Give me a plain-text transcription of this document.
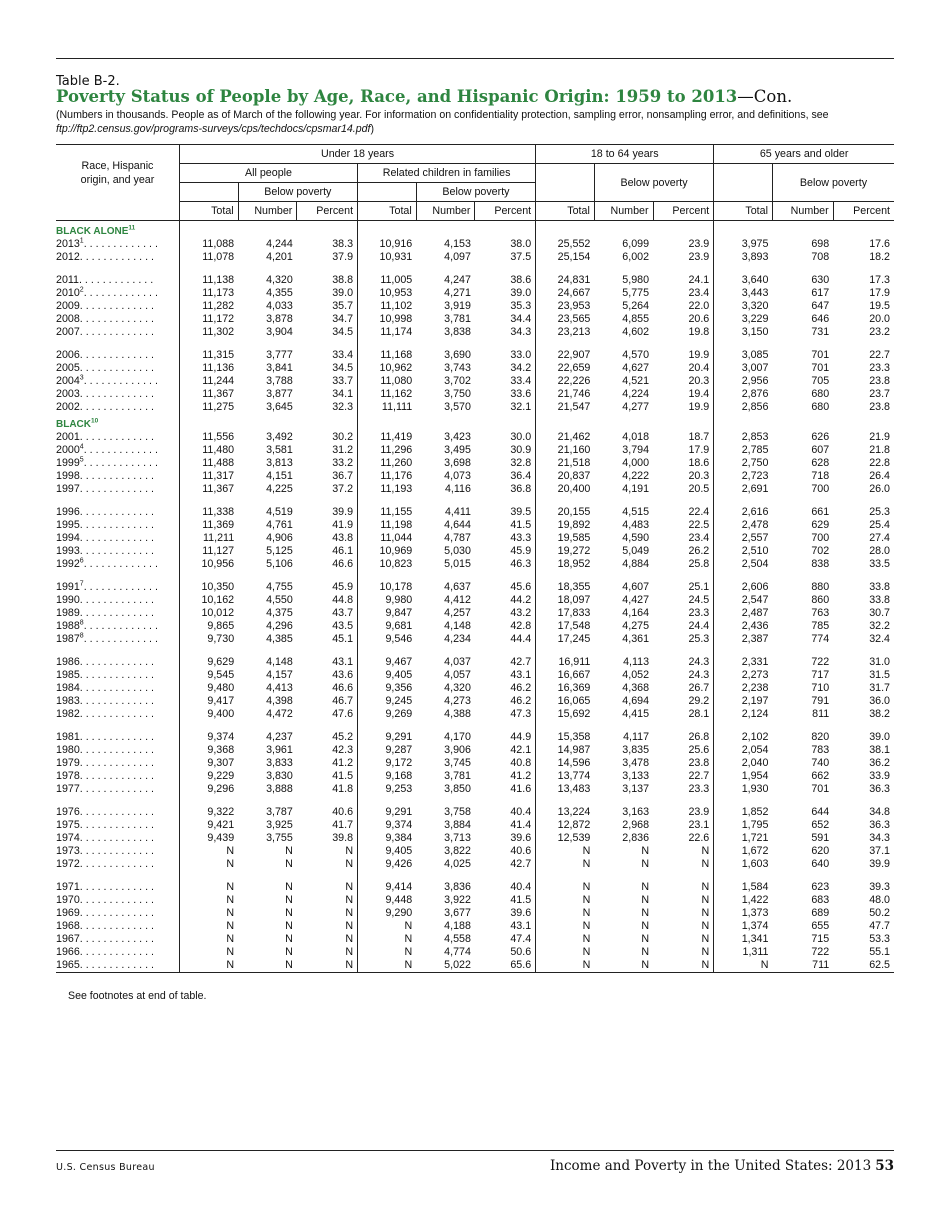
Table B-2.
Poverty Status of People by Age, Race, and Hispanic Origin: 1959 to 2013—Con.
(Numbers in thousands. People as of March of the following year. For information on confidentiality protection, sampling error, nonsampling error, and definitions, see ftp://ftp2.census.gov/programs-surveys/cps/techdocs/cpsmar14.pdf)
Race, Hispanic origin, and year	Under 18 years						18 to 64 years			65 years and older		
	All people			Related children in families				Below poverty			Below poverty	
		Below poverty			Below poverty							
	Total	Number	Percent	Total	Number	Percent	Total	Number	Percent	Total	Number	Percent
BLACK ALONE$^{11}$												
2013$^1$. . . . . . . . . . . . .	11,088	4,244	38.3	10,916	4,153	38.0	25,552	6,099	23.9	3,975	698	17.6
2012. . . . . . . . . . . . .	11,078	4,201	37.9	10,931	4,097	37.5	25,154	6,002	23.9	3,893	708	18.2

2011. . . . . . . . . . . . .	11,138	4,320	38.8	11,005	4,247	38.6	24,831	5,980	24.1	3,640	630	17.3
2010$^2$. . . . . . . . . . . . .	11,173	4,355	39.0	10,953	4,271	39.0	24,667	5,775	23.4	3,443	617	17.9
2009. . . . . . . . . . . . .	11,282	4,033	35.7	11,102	3,919	35.3	23,953	5,264	22.0	3,320	647	19.5
2008. . . . . . . . . . . . .	11,172	3,878	34.7	10,998	3,781	34.4	23,565	4,855	20.6	3,229	646	20.0
2007. . . . . . . . . . . . .	11,302	3,904	34.5	11,174	3,838	34.3	23,213	4,602	19.8	3,150	731	23.2

2006. . . . . . . . . . . . .	11,315	3,777	33.4	11,168	3,690	33.0	22,907	4,570	19.9	3,085	701	22.7
2005. . . . . . . . . . . . .	11,136	3,841	34.5	10,962	3,743	34.2	22,659	4,627	20.4	3,007	701	23.3
2004$^3$. . . . . . . . . . . . .	11,244	3,788	33.7	11,080	3,702	33.4	22,226	4,521	20.3	2,956	705	23.8
2003. . . . . . . . . . . . .	11,367	3,877	34.1	11,162	3,750	33.6	21,746	4,224	19.4	2,876	680	23.7
2002. . . . . . . . . . . . .	11,275	3,645	32.3	11,111	3,570	32.1	21,547	4,277	19.9	2,856	680	23.8
BLACK$^{10}$												
2001. . . . . . . . . . . . .	11,556	3,492	30.2	11,419	3,423	30.0	21,462	4,018	18.7	2,853	626	21.9
2000$^4$. . . . . . . . . . . . .	11,480	3,581	31.2	11,296	3,495	30.9	21,160	3,794	17.9	2,785	607	21.8
1999$^5$. . . . . . . . . . . . .	11,488	3,813	33.2	11,260	3,698	32.8	21,518	4,000	18.6	2,750	628	22.8
1998. . . . . . . . . . . . .	11,317	4,151	36.7	11,176	4,073	36.4	20,837	4,222	20.3	2,723	718	26.4
1997. . . . . . . . . . . . .	11,367	4,225	37.2	11,193	4,116	36.8	20,400	4,191	20.5	2,691	700	26.0

1996. . . . . . . . . . . . .	11,338	4,519	39.9	11,155	4,411	39.5	20,155	4,515	22.4	2,616	661	25.3
1995. . . . . . . . . . . . .	11,369	4,761	41.9	11,198	4,644	41.5	19,892	4,483	22.5	2,478	629	25.4
1994. . . . . . . . . . . . .	11,211	4,906	43.8	11,044	4,787	43.3	19,585	4,590	23.4	2,557	700	27.4
1993. . . . . . . . . . . . .	11,127	5,125	46.1	10,969	5,030	45.9	19,272	5,049	26.2	2,510	702	28.0
1992$^6$. . . . . . . . . . . . .	10,956	5,106	46.6	10,823	5,015	46.3	18,952	4,884	25.8	2,504	838	33.5

1991$^7$. . . . . . . . . . . . .	10,350	4,755	45.9	10,178	4,637	45.6	18,355	4,607	25.1	2,606	880	33.8
1990. . . . . . . . . . . . .	10,162	4,550	44.8	9,980	4,412	44.2	18,097	4,427	24.5	2,547	860	33.8
1989. . . . . . . . . . . . .	10,012	4,375	43.7	9,847	4,257	43.2	17,833	4,164	23.3	2,487	763	30.7
1988$^8$. . . . . . . . . . . . .	9,865	4,296	43.5	9,681	4,148	42.8	17,548	4,275	24.4	2,436	785	32.2
1987$^8$. . . . . . . . . . . . .	9,730	4,385	45.1	9,546	4,234	44.4	17,245	4,361	25.3	2,387	774	32.4

1986. . . . . . . . . . . . .	9,629	4,148	43.1	9,467	4,037	42.7	16,911	4,113	24.3	2,331	722	31.0
1985. . . . . . . . . . . . .	9,545	4,157	43.6	9,405	4,057	43.1	16,667	4,052	24.3	2,273	717	31.5
1984. . . . . . . . . . . . .	9,480	4,413	46.6	9,356	4,320	46.2	16,369	4,368	26.7	2,238	710	31.7
1983. . . . . . . . . . . . .	9,417	4,398	46.7	9,245	4,273	46.2	16,065	4,694	29.2	2,197	791	36.0
1982. . . . . . . . . . . . .	9,400	4,472	47.6	9,269	4,388	47.3	15,692	4,415	28.1	2,124	811	38.2

1981. . . . . . . . . . . . .	9,374	4,237	45.2	9,291	4,170	44.9	15,358	4,117	26.8	2,102	820	39.0
1980. . . . . . . . . . . . .	9,368	3,961	42.3	9,287	3,906	42.1	14,987	3,835	25.6	2,054	783	38.1
1979. . . . . . . . . . . . .	9,307	3,833	41.2	9,172	3,745	40.8	14,596	3,478	23.8	2,040	740	36.2
1978. . . . . . . . . . . . .	9,229	3,830	41.5	9,168	3,781	41.2	13,774	3,133	22.7	1,954	662	33.9
1977. . . . . . . . . . . . .	9,296	3,888	41.8	9,253	3,850	41.6	13,483	3,137	23.3	1,930	701	36.3

1976. . . . . . . . . . . . .	9,322	3,787	40.6	9,291	3,758	40.4	13,224	3,163	23.9	1,852	644	34.8
1975. . . . . . . . . . . . .	9,421	3,925	41.7	9,374	3,884	41.4	12,872	2,968	23.1	1,795	652	36.3
1974. . . . . . . . . . . . .	9,439	3,755	39.8	9,384	3,713	39.6	12,539	2,836	22.6	1,721	591	34.3
1973. . . . . . . . . . . . .	N	N	N	9,405	3,822	40.6	N	N	N	1,672	620	37.1
1972. . . . . . . . . . . . .	N	N	N	9,426	4,025	42.7	N	N	N	1,603	640	39.9

1971. . . . . . . . . . . . .	N	N	N	9,414	3,836	40.4	N	N	N	1,584	623	39.3
1970. . . . . . . . . . . . .	N	N	N	9,448	3,922	41.5	N	N	N	1,422	683	48.0
1969. . . . . . . . . . . . .	N	N	N	9,290	3,677	39.6	N	N	N	1,373	689	50.2
1968. . . . . . . . . . . . .	N	N	N	N	4,188	43.1	N	N	N	1,374	655	47.7
1967. . . . . . . . . . . . .	N	N	N	N	4,558	47.4	N	N	N	1,341	715	53.3
1966. . . . . . . . . . . . .	N	N	N	N	4,774	50.6	N	N	N	1,311	722	55.1
1965. . . . . . . . . . . . .	N	N	N	N	5,022	65.6	N	N	N	N	711	62.5
See footnotes at end of table.
U.S. Census Bureau	Income and Poverty in the United States: 2013 53
